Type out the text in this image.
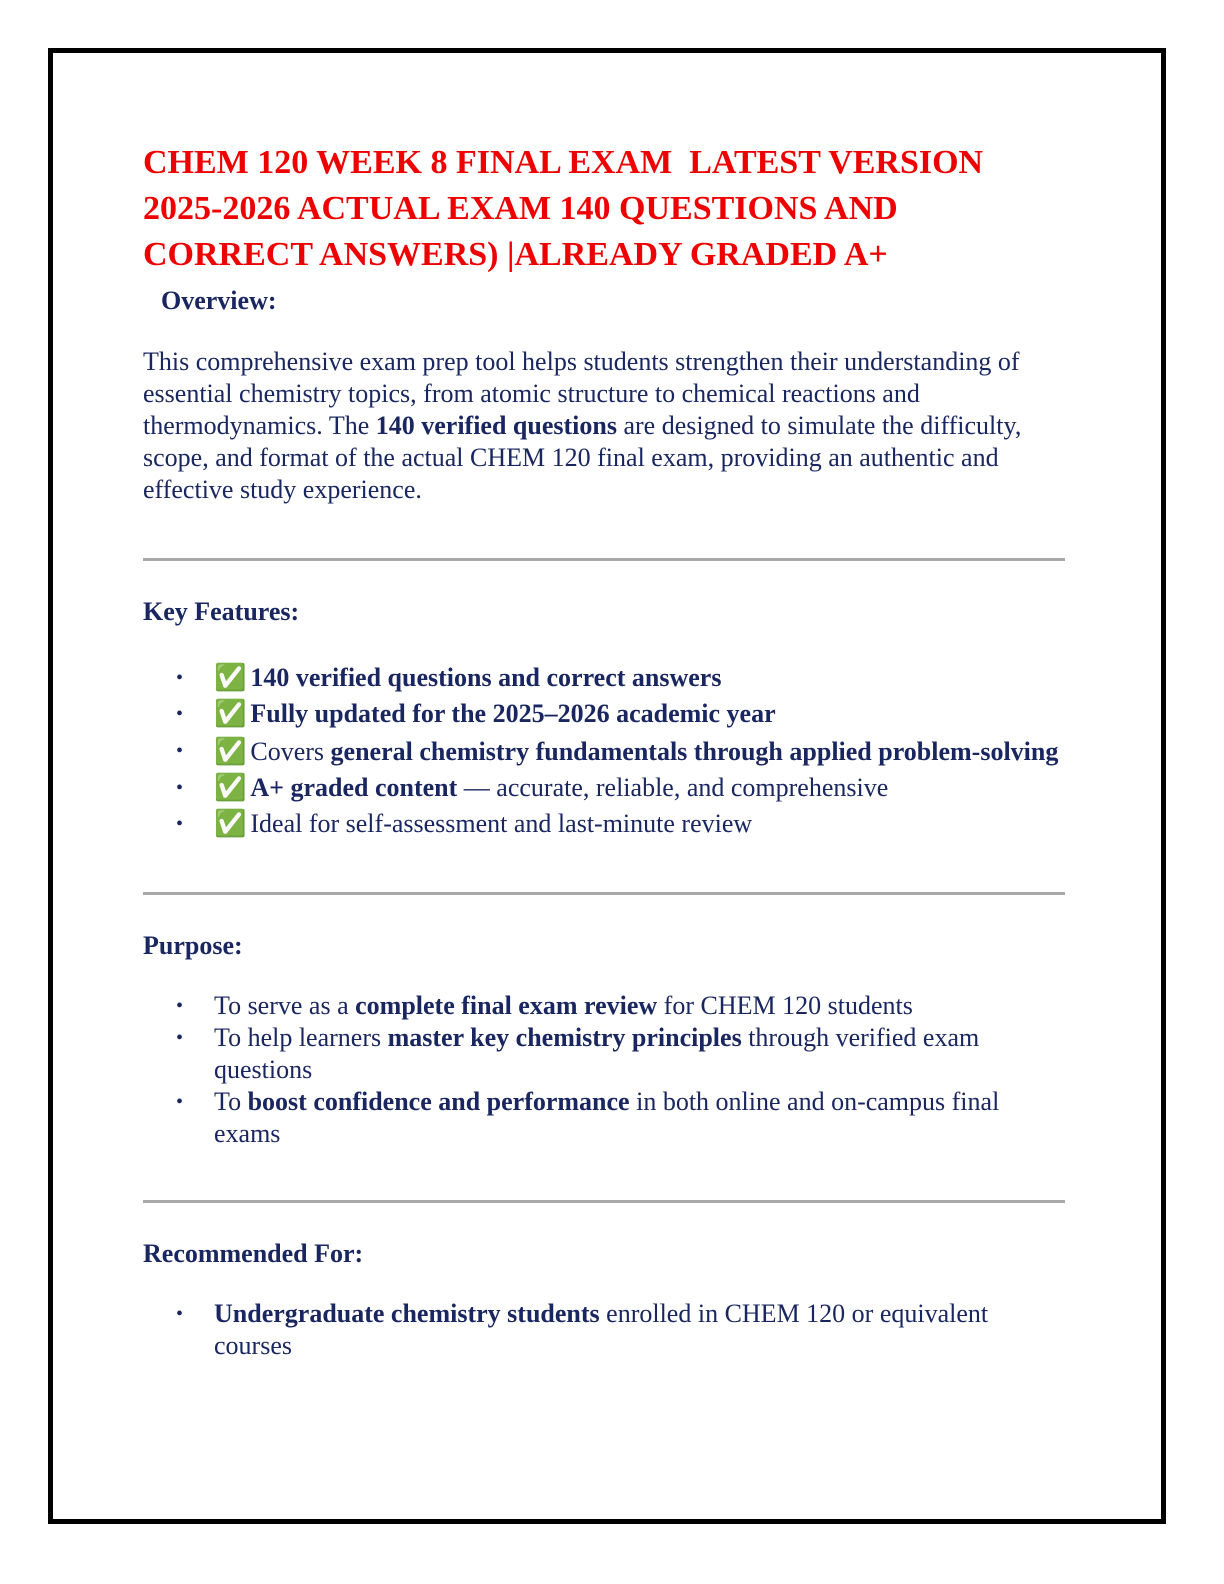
CHEM 120 WEEK 8 FINAL EXAM  LATEST VERSION 2025-2026 ACTUAL EXAM 140 QUESTIONS AND CORRECT ANSWERS) |ALREADY GRADED A+
Overview:

This comprehensive exam prep tool helps students strengthen their understanding of essential chemistry topics, from atomic structure to chemical reactions and thermodynamics. The 140 verified questions are designed to simulate the difficulty, scope, and format of the actual CHEM 120 final exam, providing an authentic and effective study experience.

Key Features:
• ✅ 140 verified questions and correct answers
• ✅ Fully updated for the 2025–2026 academic year
• ✅ Covers general chemistry fundamentals through applied problem-solving
• ✅ A+ graded content — accurate, reliable, and comprehensive
• ✅ Ideal for self-assessment and last-minute review
Purpose:
• To serve as a complete final exam review for CHEM 120 students
• To help learners master key chemistry principles through verified exam questions
• To boost confidence and performance in both online and on-campus final exams
Recommended For:
• Undergraduate chemistry students enrolled in CHEM 120 or equivalent courses
